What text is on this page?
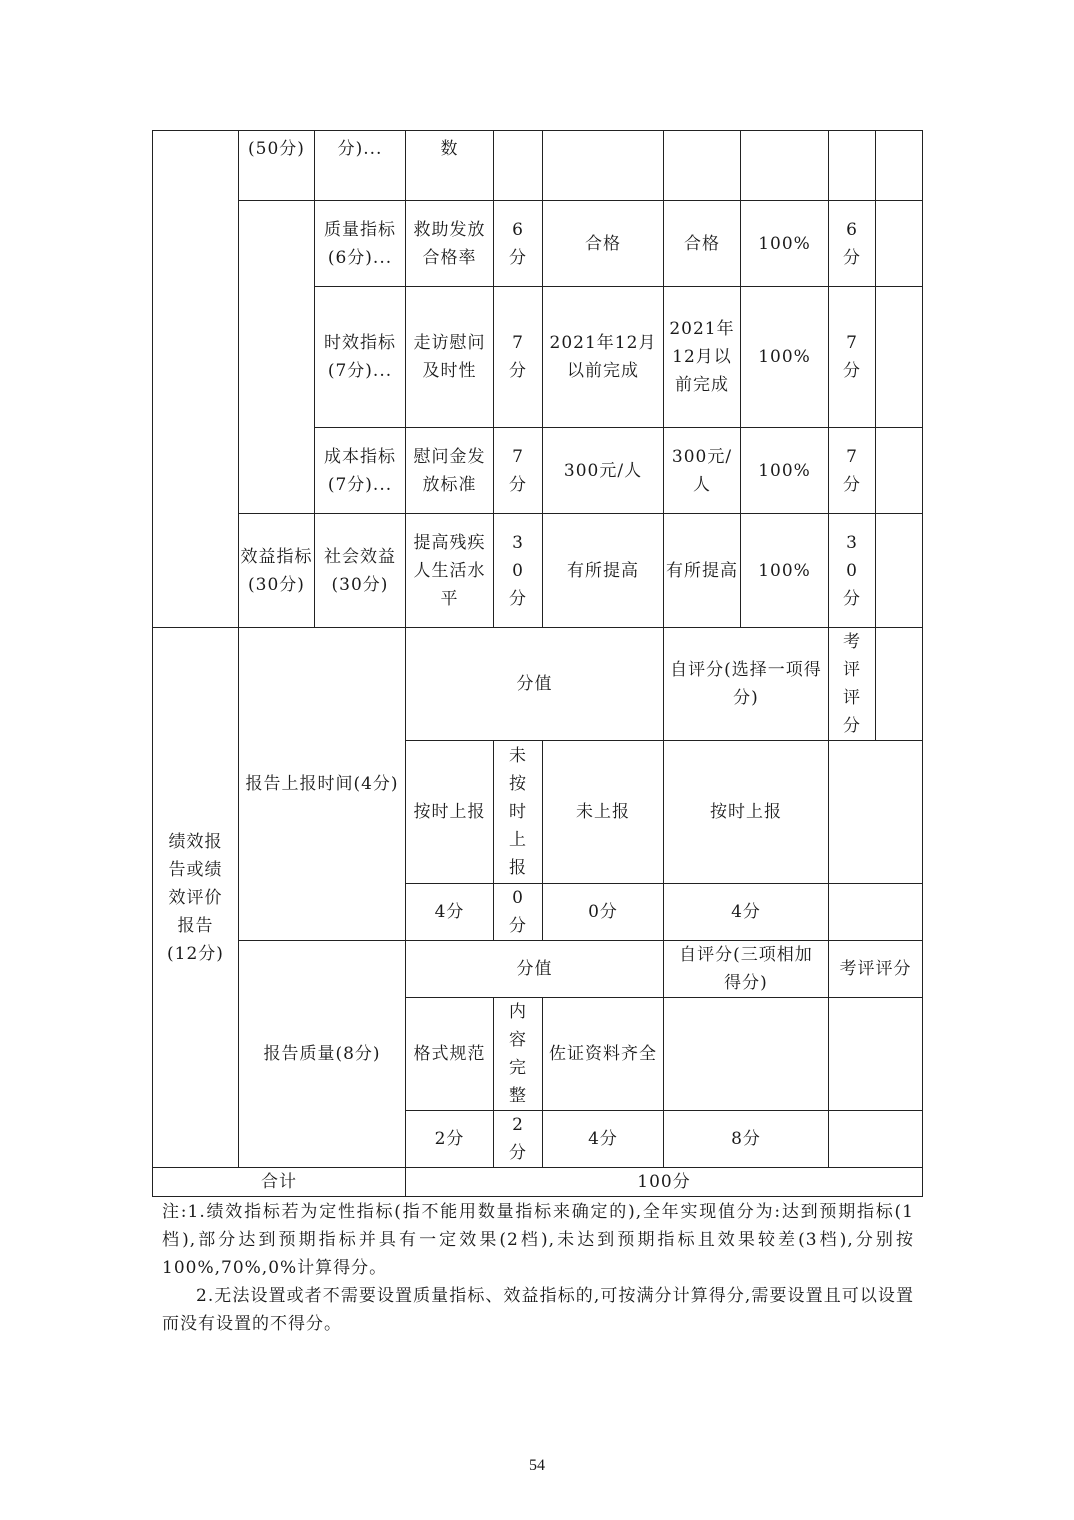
	(50分)	分)...	数						
		质量指标(6分)...	救助发放合格率	6分	合格	合格	100%	6分	
		时效指标(7分)...	走访慰问及时性	7分	2021年12月以前完成	2021年12月以前完成	100%	7分	
		成本指标(7分)...	慰问金发放标准	7分	300元/人	300元/人	100%	7分	
	效益指标(30分)	社会效益(30分)	提高残疾人生活水平	30分	有所提高	有所提高	100%	30分	
绩效报告或绩效评价报告(12分)	报告上报时间(4分)		分值			自评分(选择一项得分)		考评评分	
			按时上报	未按时上报	未上报	按时上报			
			4分	0分	0分	4分			
	报告质量(8分)		分值			自评分(三项相加得分)		考评评分	
			格式规范	内容完整	佐证资料齐全				
			2分	2分	4分	8分			
合计			100分						

注:1.绩效指标若为定性指标(指不能用数量指标来确定的),全年实现值分为:达到预期指标(1档),部分达到预期指标并具有一定效果(2档),未达到预期指标且效果较差(3档),分别按100%,70%,0%计算得分。

2.无法设置或者不需要设置质量指标、效益指标的,可按满分计算得分,需要设置且可以设置而没有设置的不得分。

54
